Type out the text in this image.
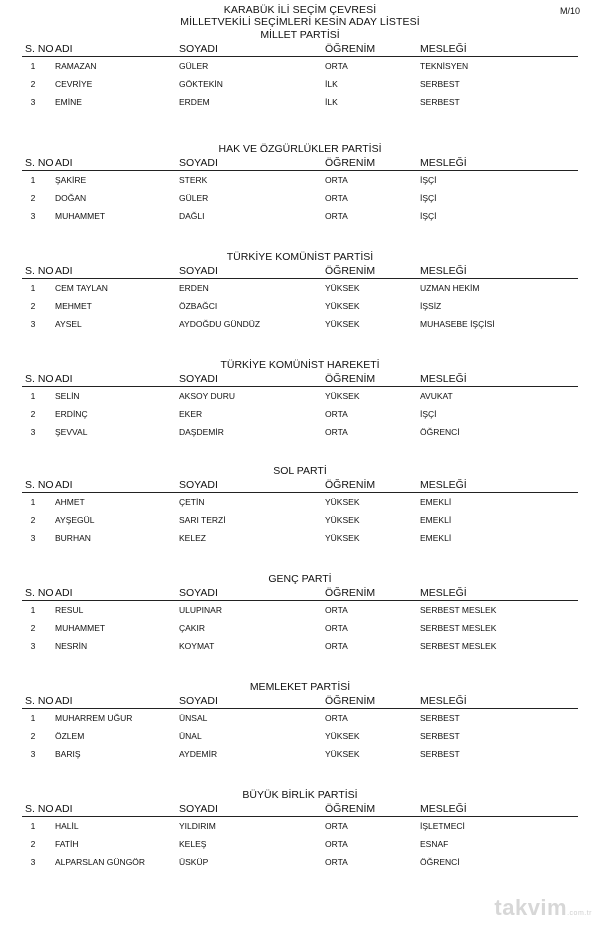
KARABÜK İLİ SEÇİM ÇEVRESİ
MİLLETVEKİLİ SEÇİMLERİ KESİN ADAY LİSTESİ
M/10
MİLLET PARTİSİ
S. NO ADI	SOYADI	ÖĞRENİM	MESLEĞİ
1	RAMAZAN	GÜLER	ORTA	TEKNİSYEN
2	CEVRİYE	GÖKTEKİN	İLK	SERBEST
3	EMİNE	ERDEM	İLK	SERBEST
HAK VE ÖZGÜRLÜKLER PARTİSİ
S. NO ADI	SOYADI	ÖĞRENİM	MESLEĞİ
1	ŞAKİRE	STERK	ORTA	İŞÇİ
2	DOĞAN	GÜLER	ORTA	İŞÇİ
3	MUHAMMET	DAĞLI	ORTA	İŞÇİ
TÜRKİYE KOMÜNİST PARTİSİ
S. NO ADI	SOYADI	ÖĞRENİM	MESLEĞİ
1	CEM TAYLAN	ERDEN	YÜKSEK	UZMAN HEKİM
2	MEHMET	ÖZBAĞCI	YÜKSEK	İŞSİZ
3	AYSEL	AYDOĞDU GÜNDÜZ	YÜKSEK	MUHASEBE İŞÇİSİ
TÜRKİYE KOMÜNİST HAREKETİ
S. NO ADI	SOYADI	ÖĞRENİM	MESLEĞİ
1	SELİN	AKSOY DURU	YÜKSEK	AVUKAT
2	ERDİNÇ	EKER	ORTA	İŞÇİ
3	ŞEVVAL	DAŞDEMİR	ORTA	ÖĞRENCİ
SOL PARTİ
S. NO ADI	SOYADI	ÖĞRENİM	MESLEĞİ
1	AHMET	ÇETİN	YÜKSEK	EMEKLİ
2	AYŞEGÜL	SARI TERZİ	YÜKSEK	EMEKLİ
3	BURHAN	KELEZ	YÜKSEK	EMEKLİ
GENÇ PARTİ
S. NO ADI	SOYADI	ÖĞRENİM	MESLEĞİ
1	RESUL	ULUPINAR	ORTA	SERBEST MESLEK
2	MUHAMMET	ÇAKIR	ORTA	SERBEST MESLEK
3	NESRİN	KOYMAT	ORTA	SERBEST MESLEK
MEMLEKET PARTİSİ
S. NO ADI	SOYADI	ÖĞRENİM	MESLEĞİ
1	MUHARREM UĞUR	ÜNSAL	ORTA	SERBEST
2	ÖZLEM	ÜNAL	YÜKSEK	SERBEST
3	BARIŞ	AYDEMİR	YÜKSEK	SERBEST
BÜYÜK BİRLİK PARTİSİ
S. NO ADI	SOYADI	ÖĞRENİM	MESLEĞİ
1	HALİL	YILDIRIM	ORTA	İŞLETMECİ
2	FATİH	KELEŞ	ORTA	ESNAF
3	ALPARSLAN GÜNGÖR	ÜSKÜP	ORTA	ÖĞRENCİ
takvim.com.tr
